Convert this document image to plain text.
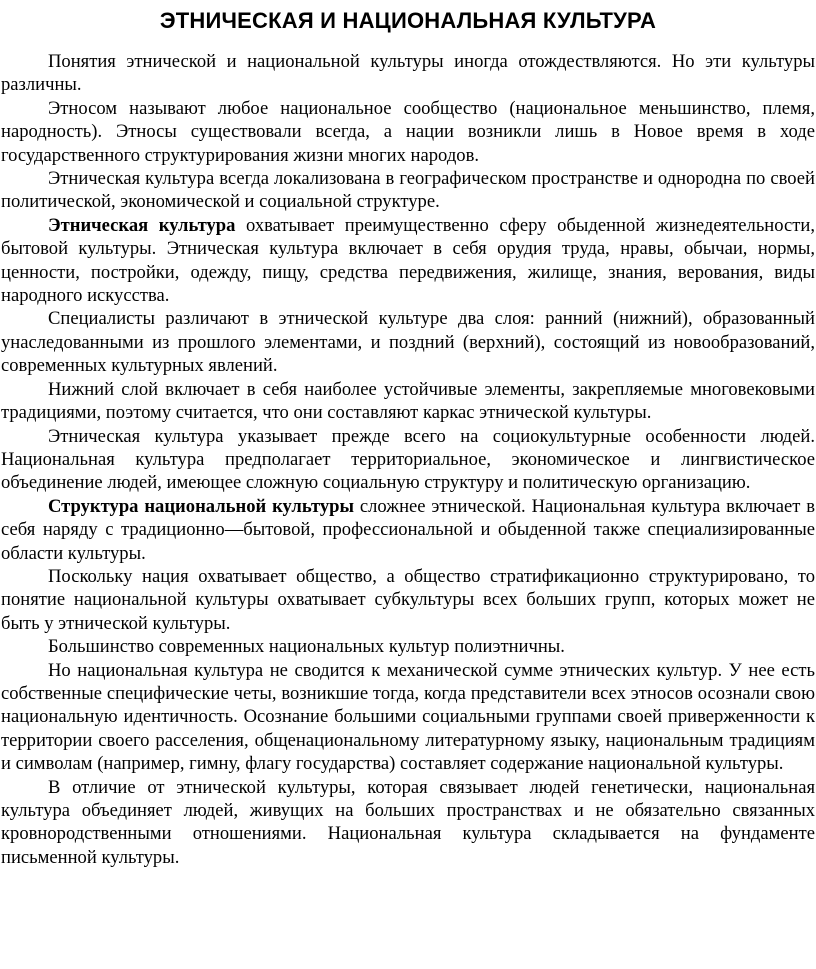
ЭТНИЧЕСКАЯ И НАЦИОНАЛЬНАЯ КУЛЬТУРА

Понятия этнической и национальной культуры иногда отождествляются. Но эти культуры различны.

Этносом называют любое национальное сообщество (национальное меньшинство, племя, народность). Этносы существовали всегда, а нации возникли лишь в Новое время в ходе государственного структурирования жизни многих народов.

Этническая культура всегда локализована в географическом пространстве и однородна по своей политической, экономической и социальной структуре.

Этническая культура охватывает преимущественно сферу обыденной жизнедеятельности, бытовой культуры. Этническая культура включает в себя орудия труда, нравы, обычаи, нормы, ценности, постройки, одежду, пищу, средства передвижения, жилище, знания, верования, виды народного искусства.

Специалисты различают в этнической культуре два слоя: ранний (нижний), образованный унаследованными из прошлого элементами, и поздний (верхний), состоящий из новообразований, современных культурных явлений.

Нижний слой включает в себя наиболее устойчивые элементы, закрепляемые многовековыми традициями, поэтому считается, что они составляют каркас этнической культуры.

Этническая культура указывает прежде всего на социокультурные особенности людей. Национальная культура предполагает территориальное, экономическое и лингвистическое объединение людей, имеющее сложную социальную структуру и политическую организацию.

Структура национальной культуры сложнее этнической. Национальная культура включает в себя наряду с традиционно—бытовой, профессиональной и обыденной также специализированные области культуры.

Поскольку нация охватывает общество, а общество стратификационно структурировано, то понятие национальной культуры охватывает субкультуры всех больших групп, которых может не быть у этнической культуры.

Большинство современных национальных культур полиэтничны.

Но национальная культура не сводится к механической сумме этнических культур. У нее есть собственные специфические четы, возникшие тогда, когда представители всех этносов осознали свою национальную идентичность. Осознание большими социальными группами своей приверженности к территории своего расселения, общенациональному литературному языку, национальным традициям и символам (например, гимну, флагу государства) составляет содержание национальной культуры.

В отличие от этнической культуры, которая связывает людей генетически, национальная культура объединяет людей, живущих на больших пространствах и не обязательно связанных кровнородственными отношениями. Национальная культура складывается на фундаменте письменной культуры.
